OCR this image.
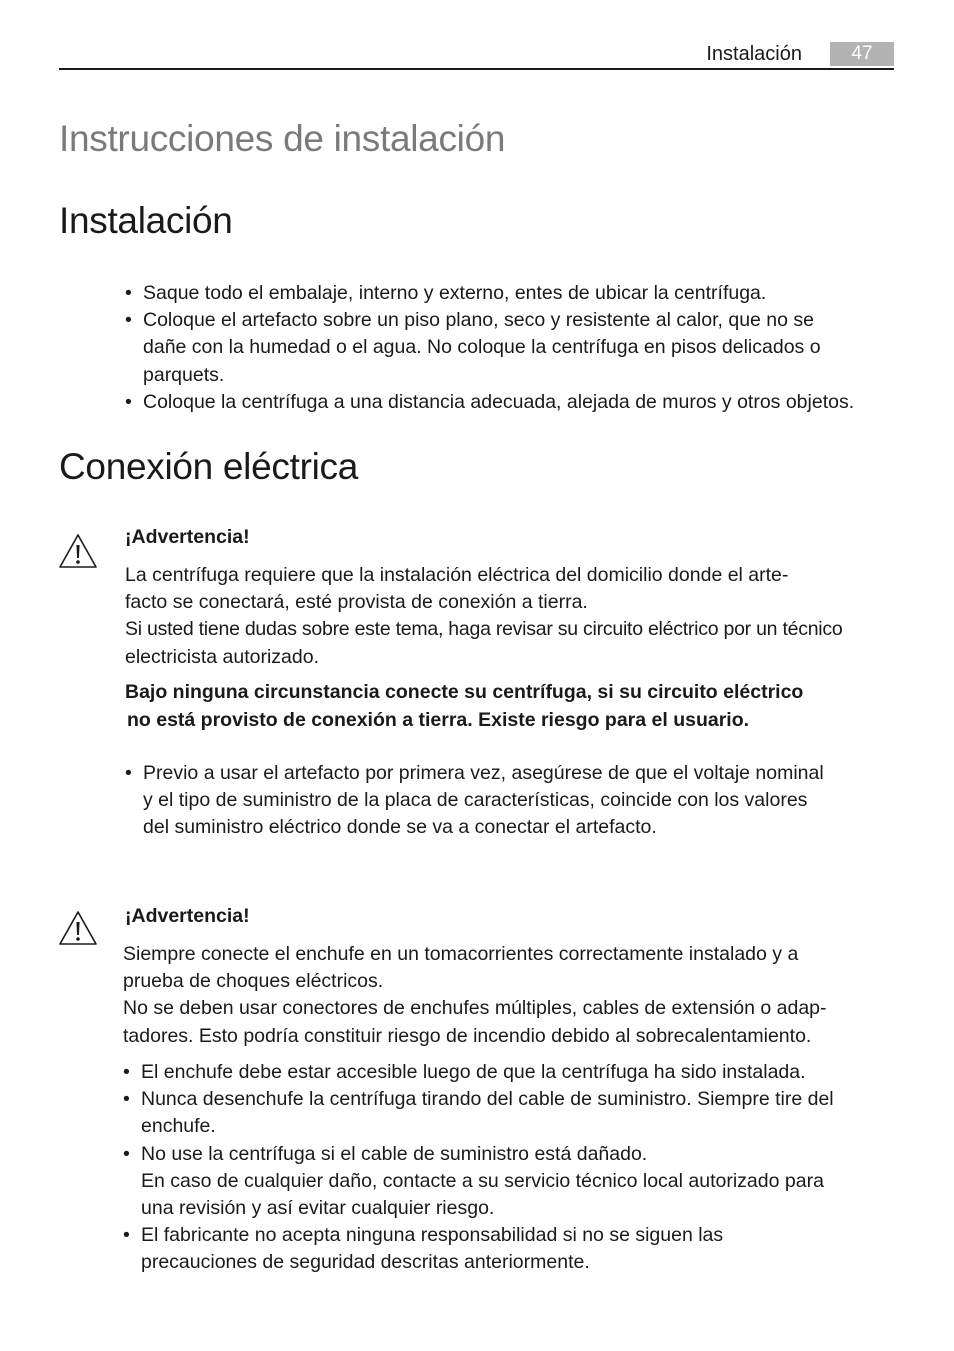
Instalación	47
Instrucciones de instalación
Instalación
• Saque todo el embalaje, interno y externo, entes de ubicar la centrífuga.
• Coloque el artefacto sobre un piso plano, seco y resistente al calor, que no se
dañe con la humedad o el agua. No coloque la centrífuga en pisos delicados o
parquets.
• Coloque la centrífuga a una distancia adecuada, alejada de muros y otros objetos.
Conexión eléctrica

¡Advertencia!

La centrífuga requiere que la instalación eléctrica del domicilio donde el arte-
facto se conectará, esté provista de conexión a tierra.
Si usted tiene dudas sobre este tema, haga revisar su circuito eléctrico por un técnico
electricista autorizado.

Bajo ninguna circunstancia conecte su centrífuga, si su circuito eléctrico
no está provisto de conexión a tierra. Existe riesgo para el usuario.

• Previo a usar el artefacto por primera vez, asegúrese de que el voltaje nominal
y el tipo de suministro de la placa de características, coincide con los valores
del suministro eléctrico donde se va a conectar el artefacto.

¡Advertencia!

Siempre conecte el enchufe en un tomacorrientes correctamente instalado y a
prueba de choques eléctricos.
No se deben usar conectores de enchufes múltiples, cables de extensión o adap-
tadores. Esto podría constituir riesgo de incendio debido al sobrecalentamiento.

• El enchufe debe estar accesible luego de que la centrífuga ha sido instalada.
• Nunca desenchufe la centrífuga tirando del cable de suministro. Siempre tire del
enchufe.
• No use la centrífuga si el cable de suministro está dañado.
En caso de cualquier daño, contacte a su servicio técnico local autorizado para
una revisión y así evitar cualquier riesgo.
• El fabricante no acepta ninguna responsabilidad si no se siguen las
precauciones de seguridad descritas anteriormente.
